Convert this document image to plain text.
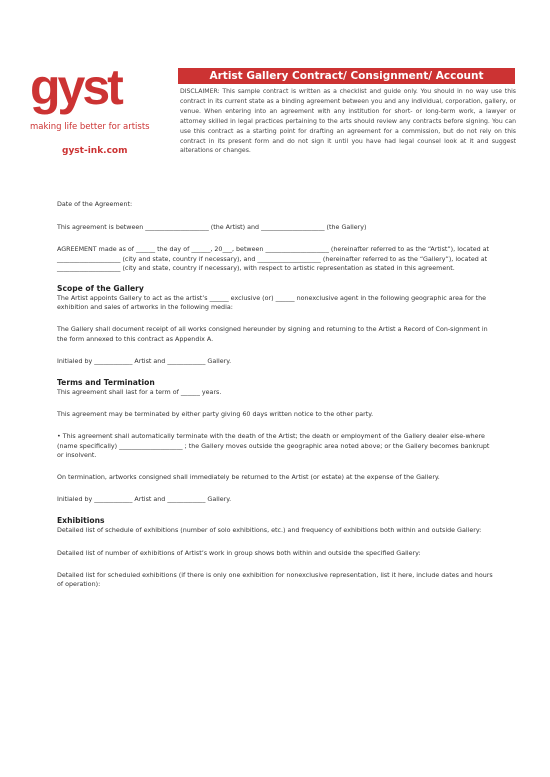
gyst
making life better for artists
gyst-ink.com
Artist Gallery Contract/ Consignment/ Account

DISCLAIMER: This sample contract is written as a checklist and guide only. You should in no way use this contract in its current state as a binding agreement between you and any individual, corporation, gallery, or venue. When entering into an agreement with any institution for short- or long-term work, a lawyer or attorney skilled in legal practices pertaining to the arts should review any contracts before signing. You can use this contract as a starting point for drafting an agreement for a commission, but do not rely on this contract in its present form and do not sign it until you have had legal counsel look at it and suggest alterations or changes.

Date of the Agreement:

This agreement is between ____________________ (the Artist) and ____________________ (the Gallery)

AGREEMENT made as of ______ the day of ______, 20___, between ____________________ (hereinafter referred to as the “Artist”), located at ____________________ (city and state, country if necessary), and ____________________ (hereinafter referred to as the “Gallery”), located at ____________________ (city and state, country if necessary), with respect to artistic representation as stated in this agreement.

Scope of the Gallery

The Artist appoints Gallery to act as the artist’s ______ exclusive (or) ______ nonexclusive agent in the following geographic area for the exhibition and sales of artworks in the following media:

The Gallery shall document receipt of all works consigned hereunder by signing and returning to the Artist a Record of Con-signment in the form annexed to this contract as Appendix A.

Initialed by ____________ Artist and ____________ Gallery.

Terms and Termination

This agreement shall last for a term of ______ years.

This agreement may be terminated by either party giving 60 days written notice to the other party.

• This agreement shall automatically terminate with the death of the Artist; the death or employment of the Gallery dealer else-where (name specifically) ____________________ ; the Gallery moves outside the geographic area noted above; or the Gallery becomes bankrupt or insolvent.

On termination, artworks consigned shall immediately be returned to the Artist (or estate) at the expense of the Gallery.

Initialed by ____________ Artist and ____________ Gallery.

Exhibitions

Detailed list of schedule of exhibitions (number of solo exhibitions, etc.) and frequency of exhibitions both within and outside Gallery:

Detailed list of number of exhibitions of Artist’s work in group shows both within and outside the specified Gallery:

Detailed list for scheduled exhibitions (if there is only one exhibition for nonexclusive representation, list it here, include dates and hours of operation):
